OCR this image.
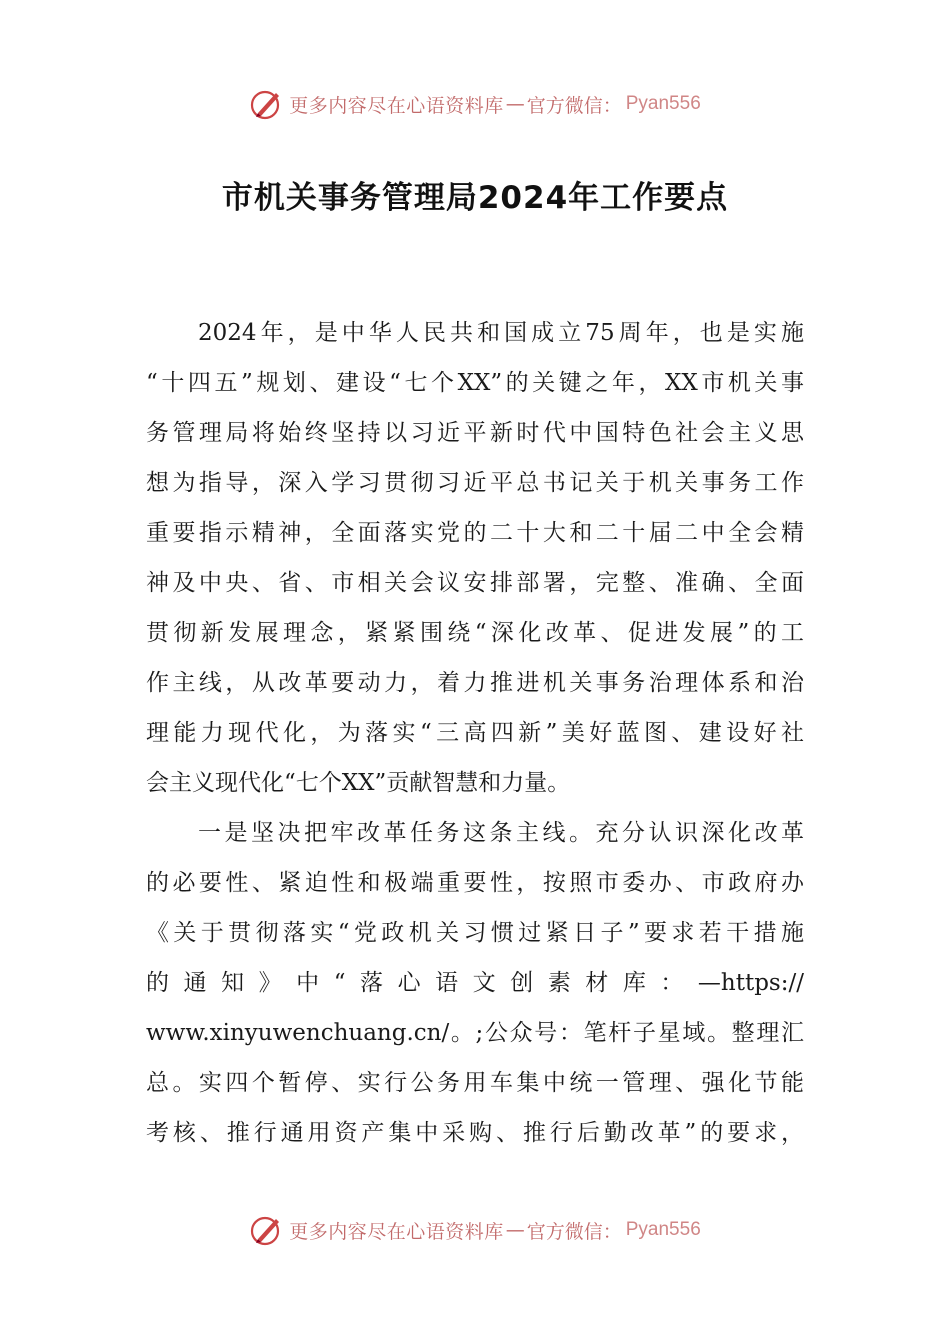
更多内容尽在心语资料库 — 官方微信： Pyan556
市机关事务管理局2024年工作要点
2024年，是中华人民共和国成立75周年，也是实施
“十四五”规划、建设“七个XX”的关键之年，XX市机关事
务管理局将始终坚持以习近平新时代中国特色社会主义思
想为指导，深入学习贯彻习近平总书记关于机关事务工作
重要指示精神，全面落实党的二十大和二十届二中全会精
神及中央、省、市相关会议安排部署，完整、准确、全面
贯彻新发展理念，紧紧围绕“深化改革、促进发展”的工
作主线，从改革要动力，着力推进机关事务治理体系和治
理能力现代化，为落实“三高四新”美好蓝图、建设好社
会主义现代化“七个XX”贡献智慧和力量。
一是坚决把牢改革任务这条主线。充分认识深化改革
的必要性、紧迫性和极端重要性，按照市委办、市政府办
《关于贯彻落实“党政机关习惯过紧日子”要求若干措施
的通知》中“落心语文创素材库：—https://
www.xinyuwenchuang.cn/。;公众号：笔杆子星域。整理汇
总。实四个暂停、实行公务用车集中统一管理、强化节能
考核、推行通用资产集中采购、推行后勤改革”的要求，
更多内容尽在心语资料库 — 官方微信： Pyan556
